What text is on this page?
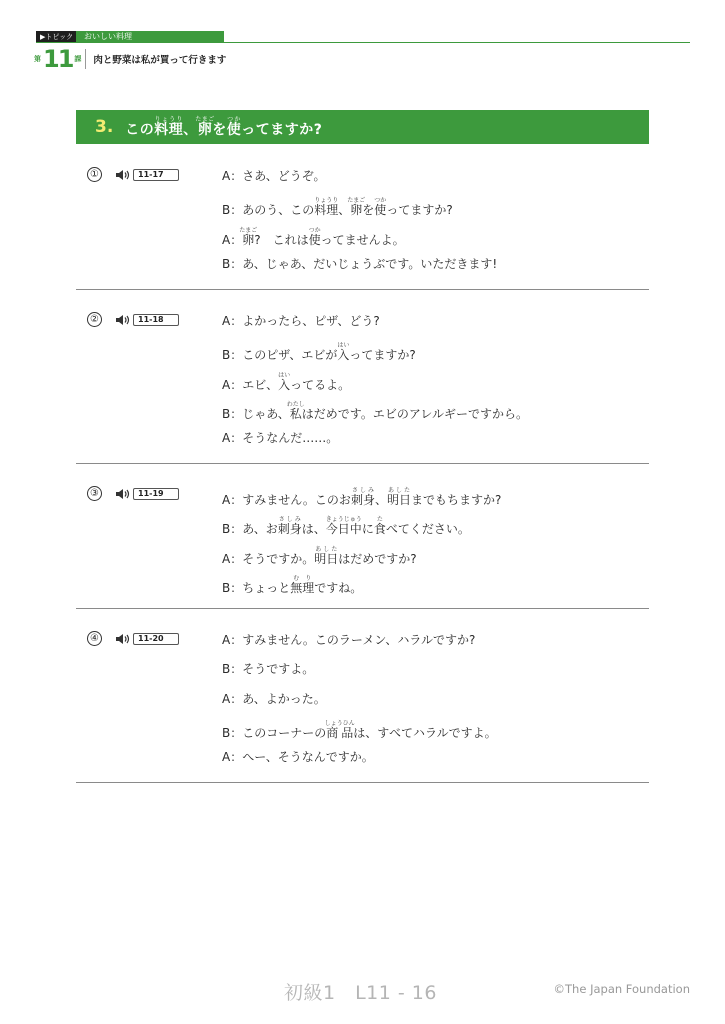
▶トピック	おいしい料理
第 11 課 肉と野菜は私が買って行きます
3. この料理りょうり、卵たまごを使つかってますか?
①	11-17	A：さあ、どうぞ。
B：あのう、この料理りょうり、卵たまごを使つかってますか?
A：卵たまご?　これは使つかってませんよ。
B：あ、じゃあ、だいじょうぶです。いただきます!
②	11-18	A：よかったら、ピザ、どう?
B：このピザ、エビが入はいってますか?
A：エビ、入はいってるよ。
B：じゃあ、私わたしはだめです。エビのアレルギーですから。
A：そうなんだ……。
③	11-19	A：すみません。このお刺身さしみ、明日あしたまでもちますか?
B：あ、お刺身さしみは、今日中きょうじゅうに食たべてください。
A：そうですか。明日あしたはだめですか?
B：ちょっと無理むりですね。
④	11-20	A：すみません。このラーメン、ハラルですか?
B：そうですよ。
A：あ、よかった。
B：このコーナーの商品しょうひんは、すべてハラルですよ。
A：へー、そうなんですか。
初級1　L11 - 16	©The Japan Foundation
